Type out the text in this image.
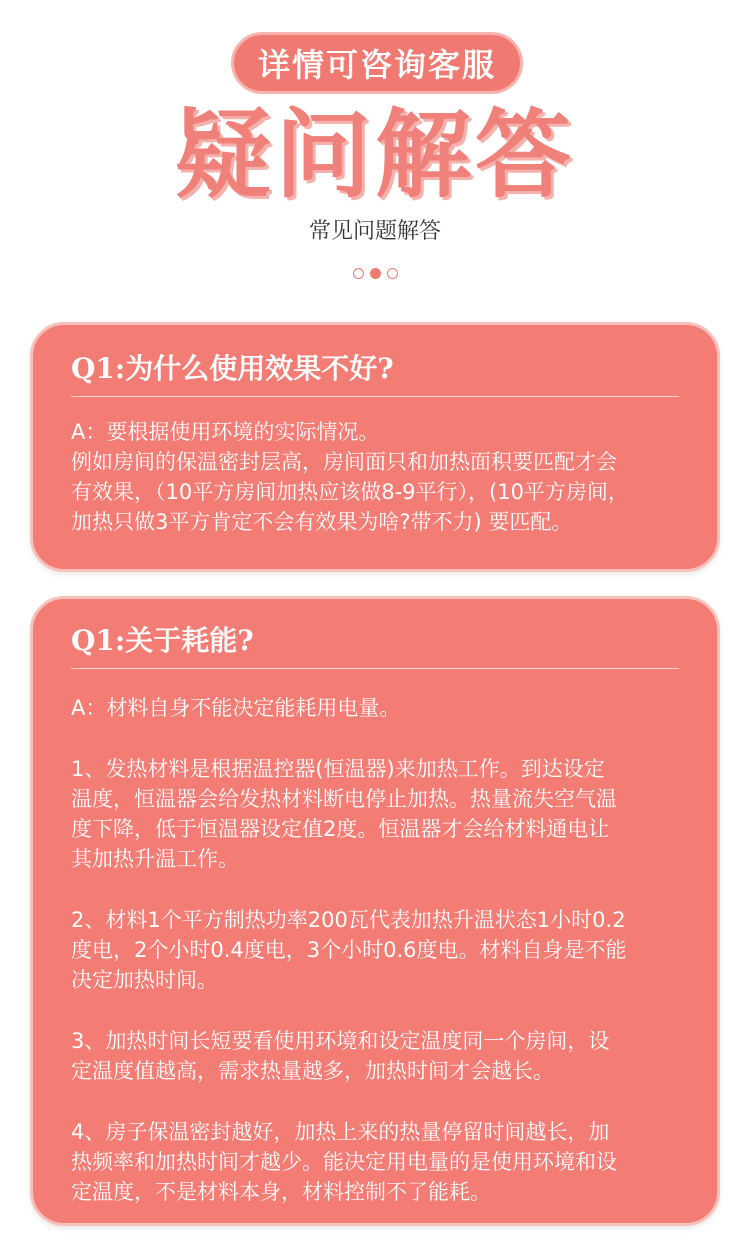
详情可咨询客服
疑问解答
常见问题解答
Q1:为什么使用效果不好?

A：要根据使用环境的实际情况。

例如房间的保温密封层高，房间面只和加热面积要匹配才会

有效果，（10平方房间加热应该做8-9平行），(10平方房间，

加热只做3平方肯定不会有效果为啥?带不力) 要匹配。

Q1:关于耗能?

A：材料自身不能决定能耗用电量。

1、发热材料是根据温控器(恒温器)来加热工作。到达设定

温度，恒温器会给发热材料断电停止加热。热量流失空气温

度下降，低于恒温器设定值2度。恒温器才会给材料通电让

其加热升温工作。

2、材料1个平方制热功率200瓦代表加热升温状态1小时0.2

度电，2个小时0.4度电，3个小时0.6度电。材料自身是不能

决定加热时间。

3、加热时间长短要看使用环境和设定温度同一个房间，设

定温度值越高，需求热量越多，加热时间才会越长。

4、房子保温密封越好，加热上来的热量停留时间越长，加

热频率和加热时间才越少。能决定用电量的是使用环境和设

定温度，不是材料本身，材料控制不了能耗。
